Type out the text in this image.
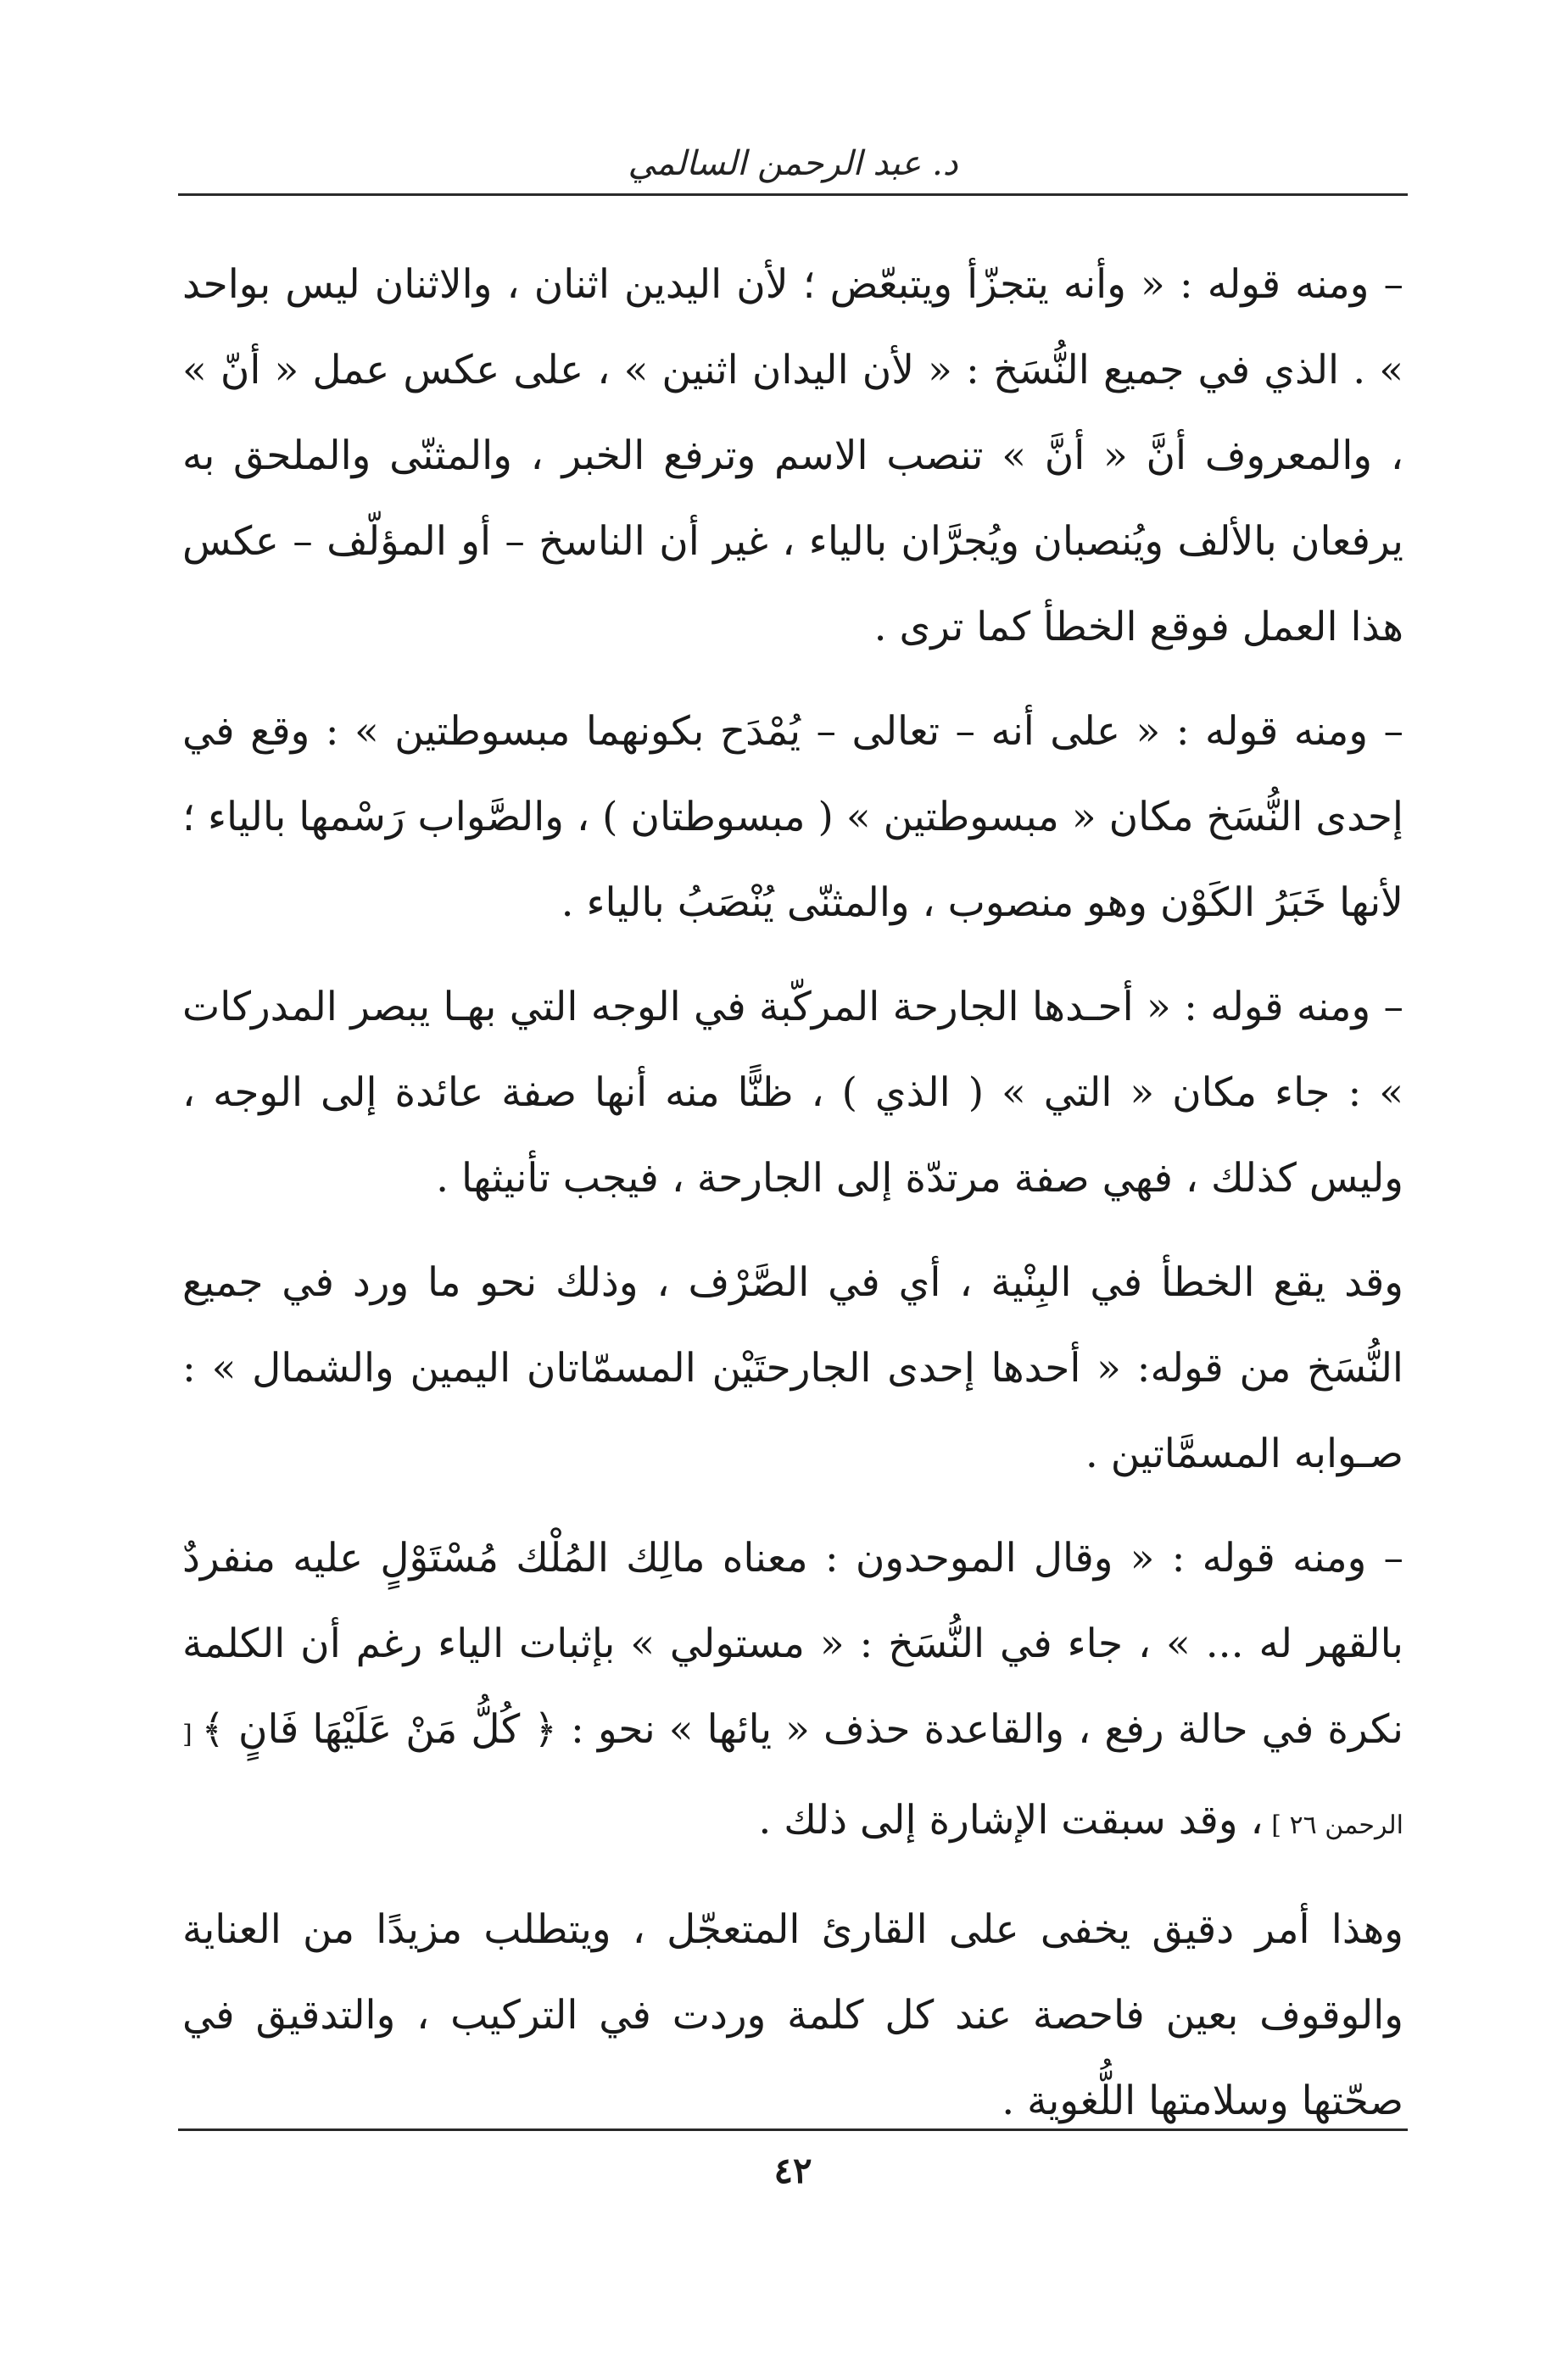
د. عبد الرحمن السالمي

– ومنه قوله : « وأنه يتجزّأ ويتبعّض ؛ لأن اليدين اثنان ، والاثنان ليس بواحد » . الذي في جميع النُّسَخ : « لأن اليدان اثنين » ، على عكس عمل « أنّ » ، والمعروف أنَّ « أنَّ » تنصب الاسم وترفع الخبر ، والمثنّى والملحق به يرفعان بالألف ويُنصبان ويُجرَّان بالياء ، غير أن الناسخ – أو المؤلّف – عكس هذا العمل فوقع الخطأ كما ترى .

– ومنه قوله : « على أنه – تعالى – يُمْدَح بكونهما مبسوطتين » : وقع في إحدى النُّسَخ مكان « مبسوطتين » ( مبسوطتان ) ، والصَّواب رَسْمها بالياء ؛ لأنها خَبَرُ الكَوْن وهو منصوب ، والمثنّى يُنْصَبُ بالياء .

– ومنه قوله : « أحـدها الجارحة المركّبة في الوجه التي بهـا يبصر المدركات » : جاء مكان « التي » ( الذي ) ، ظنًّا منه أنها صفة عائدة إلى الوجه ، وليس كذلك ، فهي صفة مرتدّة إلى الجارحة ، فيجب تأنيثها .

وقد يقع الخطأ في البِنْية ، أي في الصَّرْف ، وذلك نحو ما ورد في جميع النُّسَخ من قوله: « أحدها إحدى الجارحتَيْن المسمّاتان اليمين والشمال » : صـوابه المسمَّاتين .

– ومنه قوله : « وقال الموحدون : معناه مالِك المُلْك مُسْتَوْلٍ عليه منفردٌ بالقهر له ... » ، جاء في النُّسَخ : « مستولي » بإثبات الياء رغم أن الكلمة نكرة في حالة رفع ، والقاعدة حذف « يائها » نحو : ﴿ كُلُّ مَنْ عَلَيْهَا فَانٍ ﴾ [ الرحمن ٢٦ ] ، وقد سبقت الإشارة إلى ذلك .

وهذا أمر دقيق يخفى على القارئ المتعجّل ، ويتطلب مزيدًا من العناية والوقوف بعين فاحصة عند كل كلمة وردت في التركيب ، والتدقيق في صحّتها وسلامتها اللُّغوية .

٤٢
